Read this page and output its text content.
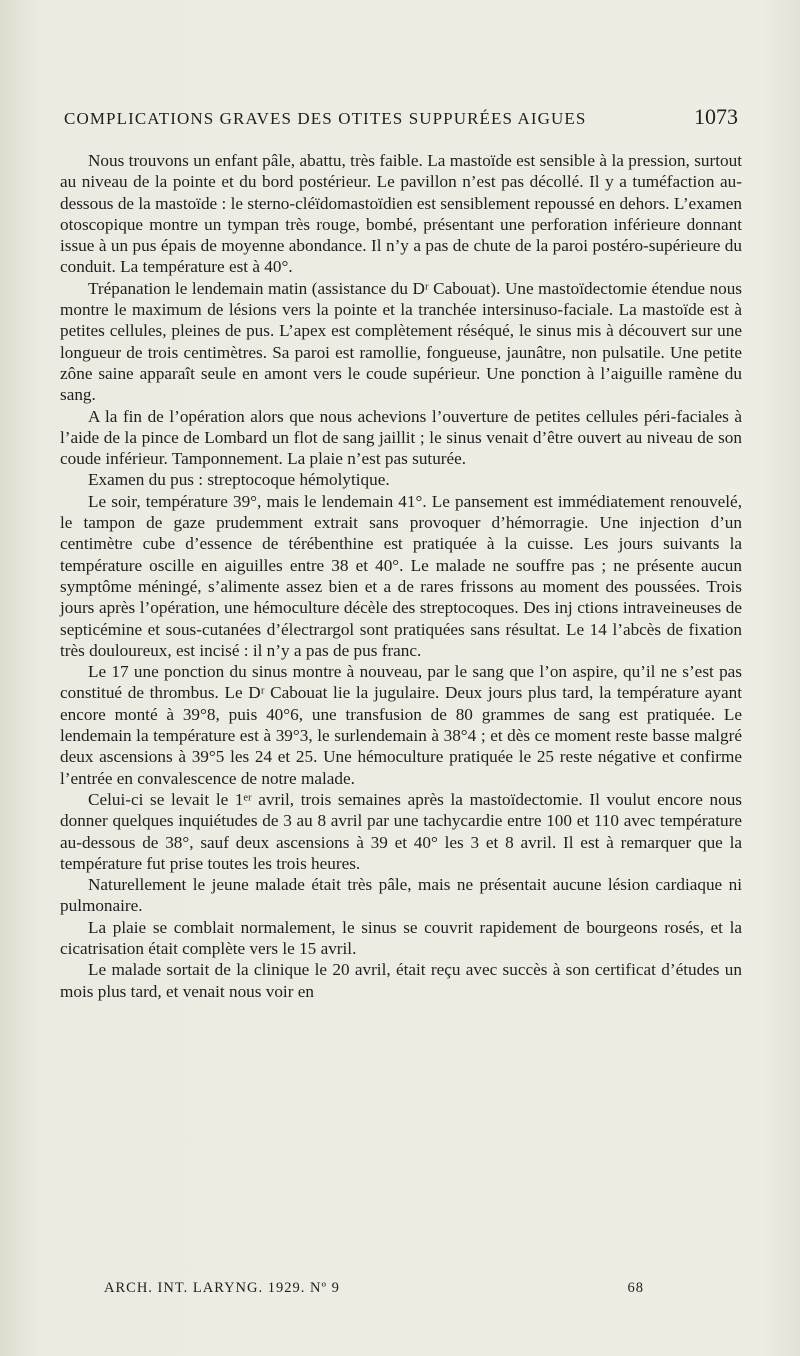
COMPLICATIONS GRAVES DES OTITES SUPPURÉES AIGUES	1073

Nous trouvons un enfant pâle, abattu, très faible. La mastoïde est sensible à la pression, surtout au niveau de la pointe et du bord postérieur. Le pavillon n’est pas décollé. Il y a tuméfaction au-dessous de la mastoïde : le sterno-cléïdomastoïdien est sensiblement repoussé en dehors. L’examen otoscopique montre un tympan très rouge, bombé, présentant une perforation inférieure donnant issue à un pus épais de moyenne abondance. Il n’y a pas de chute de la paroi postéro-supérieure du conduit. La température est à 40°.

Trépanation le lendemain matin (assistance du Dʳ Cabouat). Une mastoïdectomie étendue nous montre le maximum de lésions vers la pointe et la tranchée intersinuso-faciale. La mastoïde est à petites cellules, pleines de pus. L’apex est complètement réséqué, le sinus mis à découvert sur une longueur de trois centimètres. Sa paroi est ramollie, fongueuse, jaunâtre, non pulsatile. Une petite zône saine apparaît seule en amont vers le coude supérieur. Une ponction à l’aiguille ramène du sang.

A la fin de l’opération alors que nous achevions l’ouverture de petites cellules péri-faciales à l’aide de la pince de Lombard un flot de sang jaillit ; le sinus venait d’être ouvert au niveau de son coude inférieur. Tamponnement. La plaie n’est pas suturée.

Examen du pus : streptocoque hémolytique.

Le soir, température 39°, mais le lendemain 41°. Le pansement est immédiatement renouvelé, le tampon de gaze prudemment extrait sans provoquer d’hémorragie. Une injection d’un centimètre cube d’essence de térébenthine est pratiquée à la cuisse. Les jours suivants la température oscille en aiguilles entre 38 et 40°. Le malade ne souffre pas ; ne présente aucun symptôme méningé, s’alimente assez bien et a de rares frissons au moment des poussées. Trois jours après l’opération, une hémoculture décèle des streptocoques. Des inj ctions intraveineuses de septicémine et sous-cutanées d’électrargol sont pratiquées sans résultat. Le 14 l’abcès de fixation très douloureux, est incisé : il n’y a pas de pus franc.

Le 17 une ponction du sinus montre à nouveau, par le sang que l’on aspire, qu’il ne s’est pas constitué de thrombus. Le Dʳ Cabouat lie la jugulaire. Deux jours plus tard, la température ayant encore monté à 39°8, puis 40°6, une transfusion de 80 grammes de sang est pratiquée. Le lendemain la température est à 39°3, le surlendemain à 38°4 ; et dès ce moment reste basse malgré deux ascensions à 39°5 les 24 et 25. Une hémoculture pratiquée le 25 reste négative et confirme l’entrée en convalescence de notre malade.

Celui-ci se levait le 1ᵉʳ avril, trois semaines après la mastoïdectomie. Il voulut encore nous donner quelques inquiétudes de 3 au 8 avril par une tachycardie entre 100 et 110 avec température au-dessous de 38°, sauf deux ascensions à 39 et 40° les 3 et 8 avril. Il est à remarquer que la température fut prise toutes les trois heures.

Naturellement le jeune malade était très pâle, mais ne présentait aucune lésion cardiaque ni pulmonaire.

La plaie se comblait normalement, le sinus se couvrit rapidement de bourgeons rosés, et la cicatrisation était complète vers le 15 avril.

Le malade sortait de la clinique le 20 avril, était reçu avec succès à son certificat d’études un mois plus tard, et venait nous voir en

ARCH. INT. LARYNG. 1929. Nº 9	68
